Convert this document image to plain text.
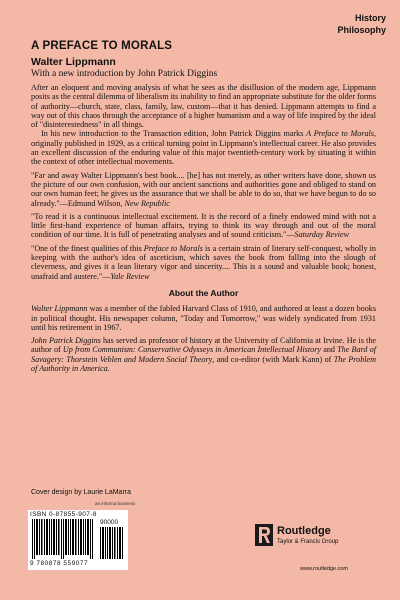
History
Philosophy
A PREFACE TO MORALS
Walter Lippmann
With a new introduction by John Patrick Diggins

After an eloquent and moving analysis of what he sees as the disillusion of the modern age, Lippmann posits as the central dilemma of liberalism its inability to find an appropriate substitute for the older forms of authority—church, state, class, family, law, custom—that it has denied. Lippmann attempts to find a way out of this chaos through the acceptance of a higher humanism and a way of life inspired by the ideal of "disinterestedness" in all things.

In his new introduction to the Transaction edition, John Patrick Diggins marks A Preface to Morals, originally published in 1929, as a critical turning point in Lippmann's intellectual career. He also provides an excellent discussion of the enduring value of this major twentieth-century work by situating it within the context of other intellectual movements.

"Far and away Walter Lippmann's best book.... [he] has not merely, as other writers have done, shown us the picture of our own confusion, with our ancient sanctions and authorities gone and obliged to stand on our own human feet; he gives us the assurance that we shall be able to do so, that we have begun to do so already."—Edmund Wilson, New Republic

"To read it is a continuous intellectual excitement. It is the record of a finely endowed mind with not a little first-hand experience of human affairs, trying to think its way through and out of the moral condition of our time. It is full of penetrating analyses and of sound criticism."—Saturday Review

"One of the finest qualities of this Preface to Morals is a certain strain of literary self-conquest, wholly in keeping with the author's idea of asceticism, which saves the book from falling into the slough of cleverness, and gives it a lean literary vigor and sincerity.... This is a sound and valuable book; honest, unafraid and austere."—Yale Review

About the Author

Walter Lippmann was a member of the fabled Harvard Class of 1910, and authored at least a dozen books in political thought. His newspaper column, "Today and Tomorrow," was widely syndicated from 1931 until his retirement in 1967.

John Patrick Diggins has served as professor of history at the University of California at Irvine. He is the author of Up from Communism: Conservative Odysseys in American Intellectual History and The Bard of Savagery: Thorstein Veblen and Modern Social Theory, and co-editor (with Mark Kann) of The Problem of Authority in America.

Cover design by Laurie LaMarra
an informa business
ISBN 0-87855-907-8
90000
9 780878 559077
Routledge
Taylor & Francis Group
www.routledge.com
